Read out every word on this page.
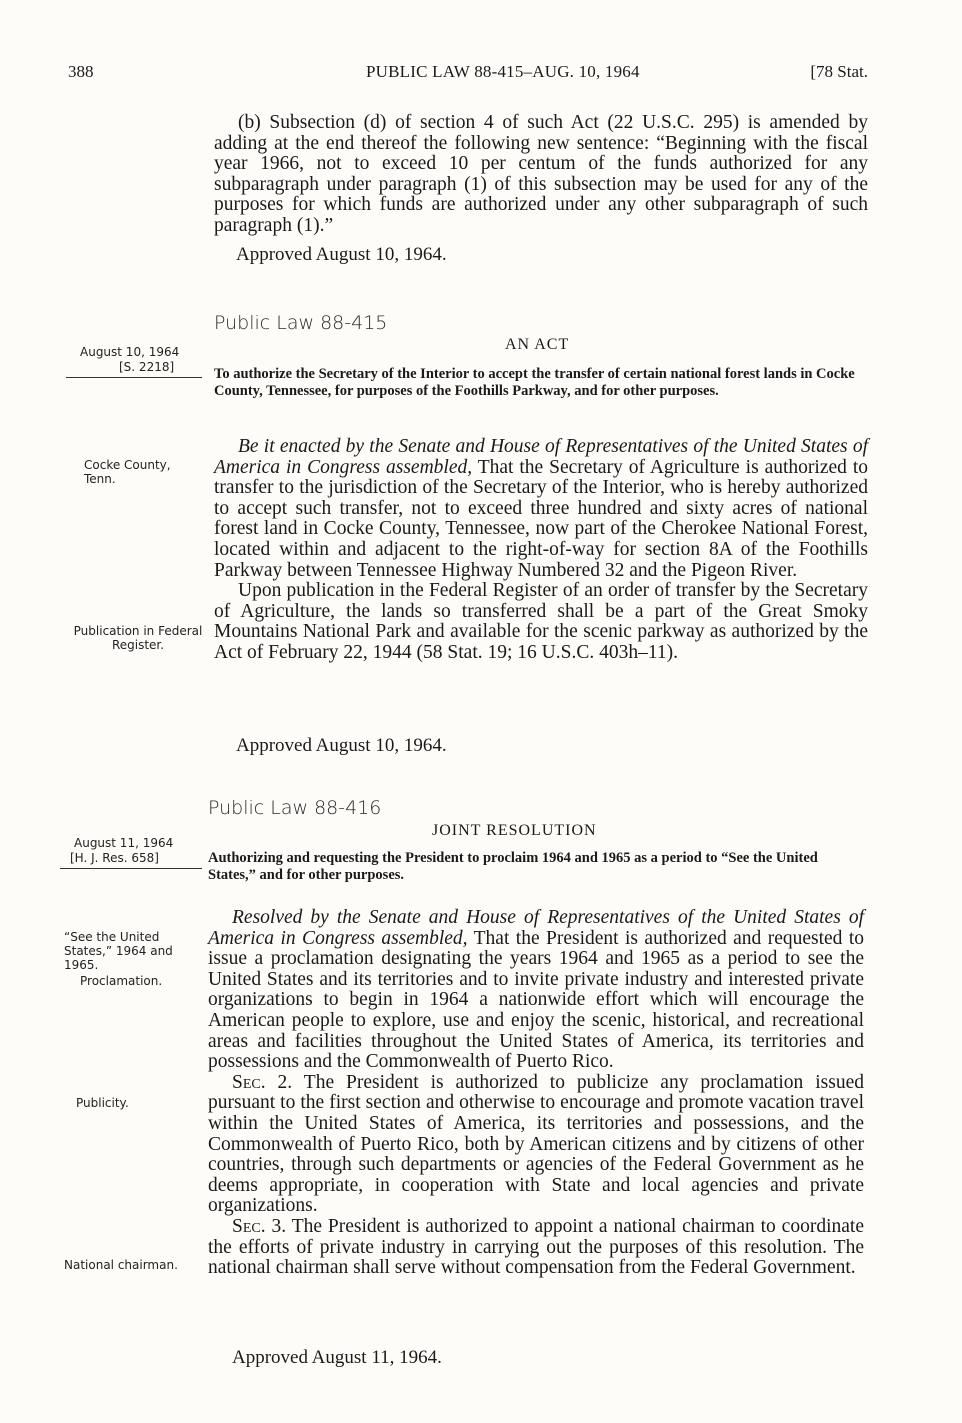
388	PUBLIC LAW 88-415–AUG. 10, 1964	[78 Stat.

(b) Subsection (d) of section 4 of such Act (22 U.S.C. 295) is amended by adding at the end thereof the following new sentence: “Beginning with the fiscal year 1966, not to exceed 10 per centum of the funds authorized for any subparagraph under paragraph (1) of this subsection may be used for any of the purposes for which funds are authorized under any other subparagraph of such paragraph (1).”

Approved August 10, 1964.
Public Law 88-415
AN ACT
August 10, 1964
[S. 2218]	To authorize the Secretary of the Interior to accept the transfer of certain national forest lands in Cocke County, Tennessee, for purposes of the Foothills Parkway, and for other purposes.

Be it enacted by the Senate and House of Representatives of the United States of America in Congress assembled, That the Secretary of Agriculture is authorized to transfer to the jurisdiction of the Secretary of the Interior, who is hereby authorized to accept such transfer, not to exceed three hundred and sixty acres of national forest land in Cocke County, Tennessee, now part of the Cherokee National Forest, located within and adjacent to the right-of-way for section 8A of the Foothills Parkway between Tennessee Highway Numbered 32 and the Pigeon River.

Upon publication in the Federal Register of an order of transfer by the Secretary of Agriculture, the lands so transferred shall be a part of the Great Smoky Mountains National Park and available for the scenic parkway as authorized by the Act of February 22, 1944 (58 Stat. 19; 16 U.S.C. 403h–11).

Cocke County, Tenn.
Publication in Federal Register.
Approved August 10, 1964.
Public Law 88-416
JOINT RESOLUTION
August 11, 1964
[H. J. Res. 658]	Authorizing and requesting the President to proclaim 1964 and 1965 as a period to “See the United States,” and for other purposes.

Resolved by the Senate and House of Representatives of the United States of America in Congress assembled, That the President is authorized and requested to issue a proclamation designating the years 1964 and 1965 as a period to see the United States and its territories and to invite private industry and interested private organizations to begin in 1964 a nationwide effort which will encourage the American people to explore, use and enjoy the scenic, historical, and recreational areas and facilities throughout the United States of America, its territories and possessions and the Commonwealth of Puerto Rico.

Sec. 2. The President is authorized to publicize any proclamation issued pursuant to the first section and otherwise to encourage and promote vacation travel within the United States of America, its territories and possessions, and the Commonwealth of Puerto Rico, both by American citizens and by citizens of other countries, through such departments or agencies of the Federal Government as he deems appropriate, in cooperation with State and local agencies and private organizations.

Sec. 3. The President is authorized to appoint a national chairman to coordinate the efforts of private industry in carrying out the purposes of this resolution. The national chairman shall serve without compensation from the Federal Government.

“See the United States,” 1964 and 1965.
Proclamation.
Publicity.
National chairman.
Approved August 11, 1964.
